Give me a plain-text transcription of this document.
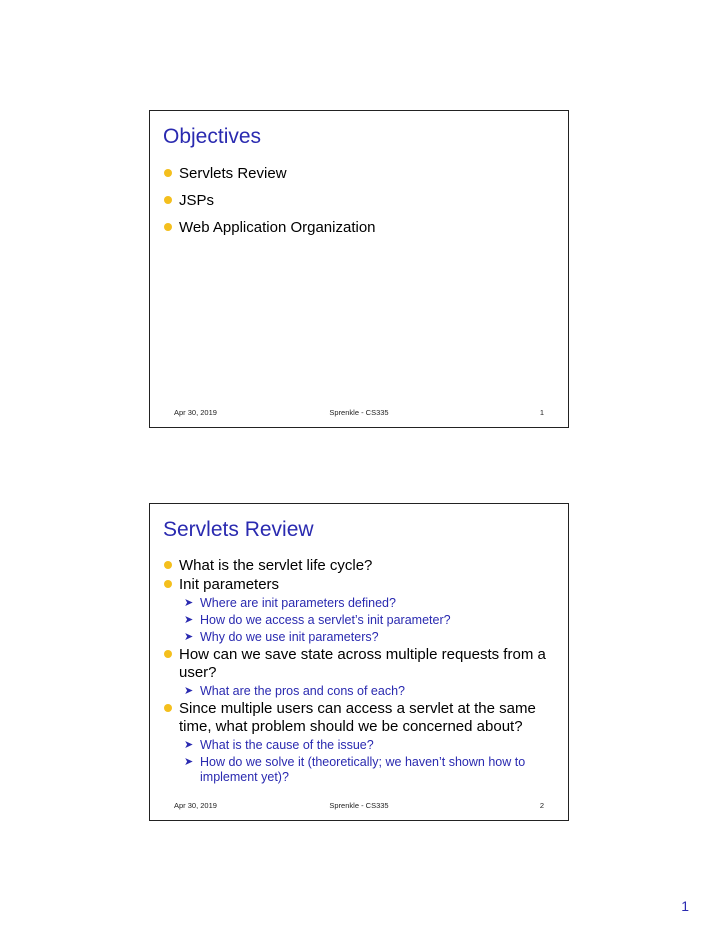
Objectives
Servlets Review
JSPs
Web Application Organization
Apr 30, 2019	Sprenkle - CS335	1
Servlets Review
What is the servlet life cycle?
Init parameters
➤ Where are init parameters defined?
➤ How do we access a servlet’s init parameter?
➤ Why do we use init parameters?
How can we save state across multiple requests from a user?
➤ What are the pros and cons of each?
Since multiple users can access a servlet at the same time, what problem should we be concerned about?
➤ What is the cause of the issue?
➤ How do we solve it (theoretically; we haven’t shown how to implement yet)?
Apr 30, 2019	Sprenkle - CS335	2
1
